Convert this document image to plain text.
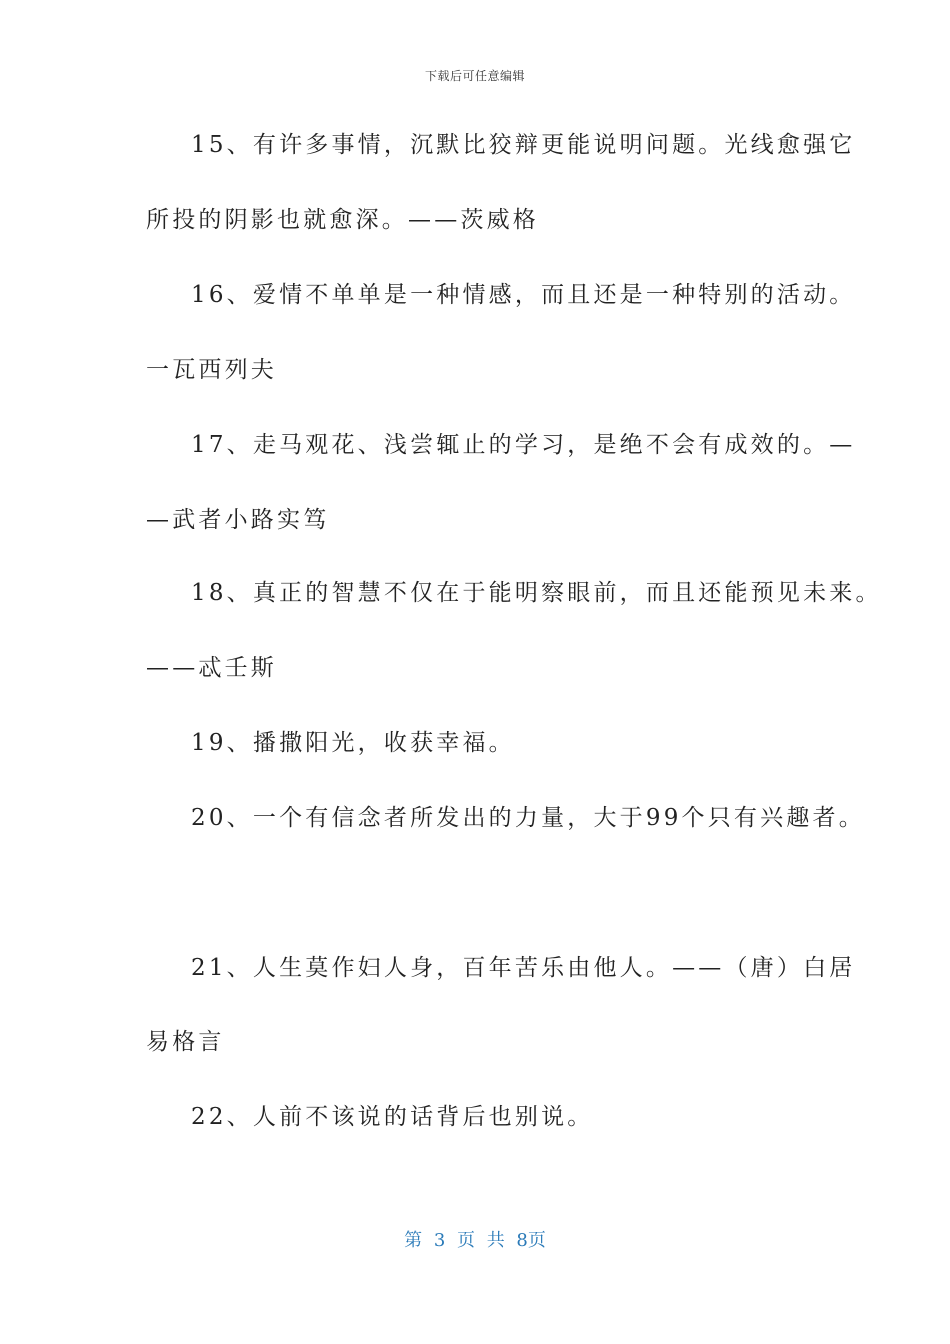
下载后可任意编辑
15、有许多事情，沉默比狡辩更能说明问题。光线愈强它
所投的阴影也就愈深。——茨威格
16、爱情不单单是一种情感，而且还是一种特别的活动。
一瓦西列夫
17、走马观花、浅尝辄止的学习，是绝不会有成效的。—
—武者小路实笃
18、真正的智慧不仅在于能明察眼前，而且还能预见未来。
——忒壬斯
19、播撒阳光，收获幸福。
20、一个有信念者所发出的力量，大于99个只有兴趣者。
21、人生莫作妇人身，百年苦乐由他人。——（唐）白居
易格言
22、人前不该说的话背后也别说。
第 3 页 共 8页
